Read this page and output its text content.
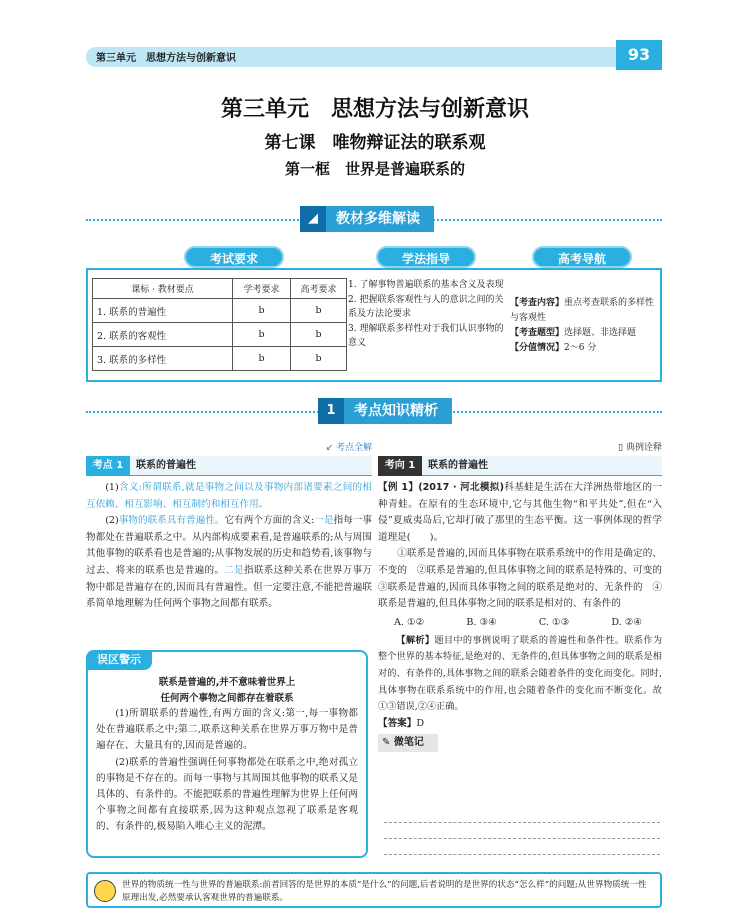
第三单元　思想方法与创新意识	93
第三单元　思想方法与创新意识
第七课　唯物辩证法的联系观
第一框　世界是普遍联系的
◢	教材多维解读
考试要求	学法指导	高考导航
课标 · 教材要点	学考要求	高考要求
1. 联系的普遍性	b	b
2. 联系的客观性	b	b
3. 联系的多样性	b	b
1. 了解事物普遍联系的基本含义及表现
2. 把握联系客观性与人的意识之间的关系及方法论要求
3. 理解联系多样性对于我们认识事物的意义
【考查内容】重点考查联系的多样性与客观性
【考查题型】选择题、非选择题
【分值情况】2～6 分
1	考点知识精析
↙ 考点全解
考点 1	联系的普遍性

(1)含义:所谓联系,就是事物之间以及事物内部诸要素之间的相互依赖、相互影响、相互制约和相互作用。

(2)事物的联系具有普遍性。它有两个方面的含义:一是指每一事物都处在普遍联系之中。从内部构成要素看,是普遍联系的;从与周围其他事物的联系看也是普遍的;从事物发展的历史和趋势看,该事物与过去、将来的联系也是普遍的。二是指联系这种关系在世界万事万物中都是普遍存在的,因而具有普遍性。但一定要注意,不能把普遍联系简单地理解为任何两个事物之间都有联系。

误区警示
联系是普遍的,并不意味着世界上
任何两个事物之间都存在着联系

(1)所谓联系的普遍性,有两方面的含义:第一,每一事物都处在普遍联系之中;第二,联系这种关系在世界万事万物中是普遍存在、大量具有的,因而是普遍的。

(2)联系的普遍性强调任何事物都处在联系之中,绝对孤立的事物是不存在的。而每一事物与其周围其他事物的联系又是具体的、有条件的。不能把联系的普遍性理解为世界上任何两个事物之间都有直接联系,因为这种观点忽视了联系是客观的、有条件的,极易陷入唯心主义的泥潭。

▯ 典例诠释
考向 1	联系的普遍性

【例 1】(2017 · 河北模拟)科基蛙是生活在大洋洲热带地区的一种青蛙。在原有的生态环境中,它与其他生物“和平共处”,但在“入侵”夏威夷岛后,它却打破了那里的生态平衡。这一事例体现的哲学道理是(　　)。

①联系是普遍的,因而具体事物在联系系统中的作用是确定的、不变的　②联系是普遍的,但具体事物之间的联系是特殊的、可变的　③联系是普遍的,因而具体事物之间的联系是绝对的、无条件的　④联系是普遍的,但具体事物之间的联系是相对的、有条件的

A. ①②	B. ③④	C. ①③	D. ②④

【解析】题目中的事例说明了联系的普遍性和条件性。联系作为整个世界的基本特征,是绝对的、无条件的,但具体事物之间的联系是相对的、有条件的,具体事物之间的联系会随着条件的变化而变化。同时,具体事物在联系系统中的作用,也会随着条件的变化而不断变化。故①③错误,②④正确。

【答案】D

✎ 微笔记
世界的物质统一性与世界的普遍联系:前者回答的是世界的本质“是什么”的问题,后者说明的是世界的状态“怎么样”的问题;从世界物质统一性原理出发,必然要承认客观世界的普遍联系。
